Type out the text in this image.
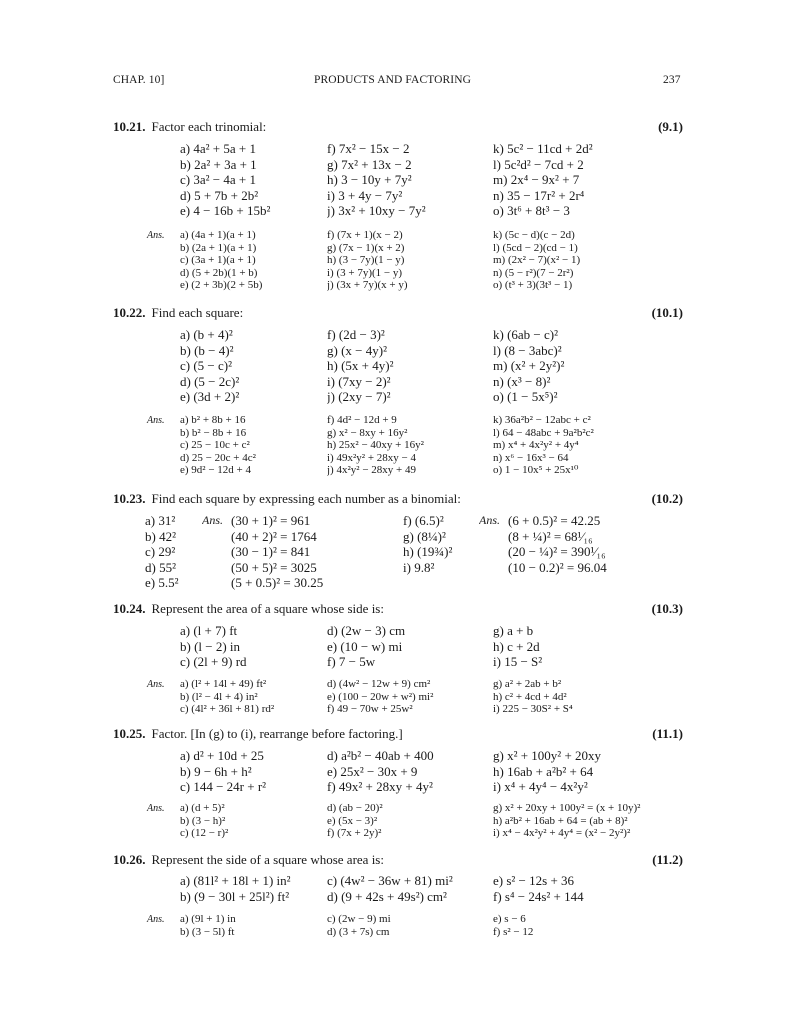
CHAP. 10]	PRODUCTS AND FACTORING	237
10.21. Factor each trinomial:	(9.1)
a) 4a² + 5a + 1	f) 7x² − 15x − 2	k) 5c² − 11cd + 2d²
b) 2a² + 3a + 1	g) 7x² + 13x − 2	l) 5c²d² − 7cd + 2
c) 3a² − 4a + 1	h) 3 − 10y + 7y²	m) 2x⁴ − 9x² + 7
d) 5 + 7b + 2b²	i) 3 + 4y − 7y²	n) 35 − 17r² + 2r⁴
e) 4 − 16b + 15b²	j) 3x² + 10xy − 7y²	o) 3t⁶ + 8t³ − 3
Ans. a) (4a + 1)(a + 1)	f) (7x + 1)(x − 2)	k) (5c − d)(c − 2d)
b) (2a + 1)(a + 1)	g) (7x − 1)(x + 2)	l) (5cd − 2)(cd − 1)
c) (3a + 1)(a + 1)	h) (3 − 7y)(1 − y)	m) (2x² − 7)(x² − 1)
d) (5 + 2b)(1 + b)	i) (3 + 7y)(1 − y)	n) (5 − r²)(7 − 2r²)
e) (2 + 3b)(2 + 5b)	j) (3x + 7y)(x + y)	o) (t³ + 3)(3t³ − 1)
10.22. Find each square:	(10.1)
a) (b + 4)²	f) (2d − 3)²	k) (6ab − c)²
b) (b − 4)²	g) (x − 4y)²	l) (8 − 3abc)²
c) (5 − c)²	h) (5x + 4y)²	m) (x² + 2y²)²
d) (5 − 2c)²	i) (7xy − 2)²	n) (x³ − 8)²
e) (3d + 2)²	j) (2xy − 7)²	o) (1 − 5x⁵)²
Ans. a) b² + 8b + 16	f) 4d² − 12d + 9	k) 36a²b² − 12abc + c²
b) b² − 8b + 16	g) x² − 8xy + 16y²	l) 64 − 48abc + 9a²b²c²
c) 25 − 10c + c²	h) 25x² − 40xy + 16y²	m) x⁴ + 4x²y² + 4y⁴
d) 25 − 20c + 4c²	i) 49x²y² + 28xy − 4	n) x⁶ − 16x³ − 64
e) 9d² − 12d + 4	j) 4x²y² − 28xy + 49	o) 1 − 10x⁵ + 25x¹⁰
10.23. Find each square by expressing each number as a binomial:	(10.2)
a) 31²	Ans. (30 + 1)² = 961	f) (6.5)²	Ans. (6 + 0.5)² = 42.25
b) 42²	(40 + 2)² = 1764	g) (8¼)²	(8 + ¼)² = 68¹⁄₁₆
c) 29²	(30 − 1)² = 841	h) (19¾)²	(20 − ¼)² = 390¹⁄₁₆
d) 55²	(50 + 5)² = 3025	i) 9.8²	(10 − 0.2)² = 96.04
e) 5.5²	(5 + 0.5)² = 30.25
10.24. Represent the area of a square whose side is:	(10.3)
a) (l + 7) ft	d) (2w − 3) cm	g) a + b
b) (l − 2) in	e) (10 − w) mi	h) c + 2d
c) (2l + 9) rd	f) 7 − 5w	i) 15 − S²
Ans. a) (l² + 14l + 49) ft²	d) (4w² − 12w + 9) cm²	g) a² + 2ab + b²
b) (l² − 4l + 4) in²	e) (100 − 20w + w²) mi²	h) c² + 4cd + 4d²
c) (4l² + 36l + 81) rd²	f) 49 − 70w + 25w²	i) 225 − 30S² + S⁴
10.25. Factor. [In (g) to (i), rearrange before factoring.]	(11.1)
a) d² + 10d + 25	d) a²b² − 40ab + 400	g) x² + 100y² + 20xy
b) 9 − 6h + h²	e) 25x² − 30x + 9	h) 16ab + a²b² + 64
c) 144 − 24r + r²	f) 49x² + 28xy + 4y²	i) x⁴ + 4y⁴ − 4x²y²
Ans. a) (d + 5)²	d) (ab − 20)²	g) x² + 20xy + 100y² = (x + 10y)²
b) (3 − h)²	e) (5x − 3)²	h) a²b² + 16ab + 64 = (ab + 8)²
c) (12 − r)²	f) (7x + 2y)²	i) x⁴ − 4x²y² + 4y⁴ = (x² − 2y²)²
10.26. Represent the side of a square whose area is:	(11.2)
a) (81l² + 18l + 1) in²	c) (4w² − 36w + 81) mi²	e) s² − 12s + 36
b) (9 − 30l + 25l²) ft²	d) (9 + 42s + 49s²) cm²	f) s⁴ − 24s² + 144
Ans. a) (9l + 1) in	c) (2w − 9) mi	e) s − 6
b) (3 − 5l) ft	d) (3 + 7s) cm	f) s² − 12
